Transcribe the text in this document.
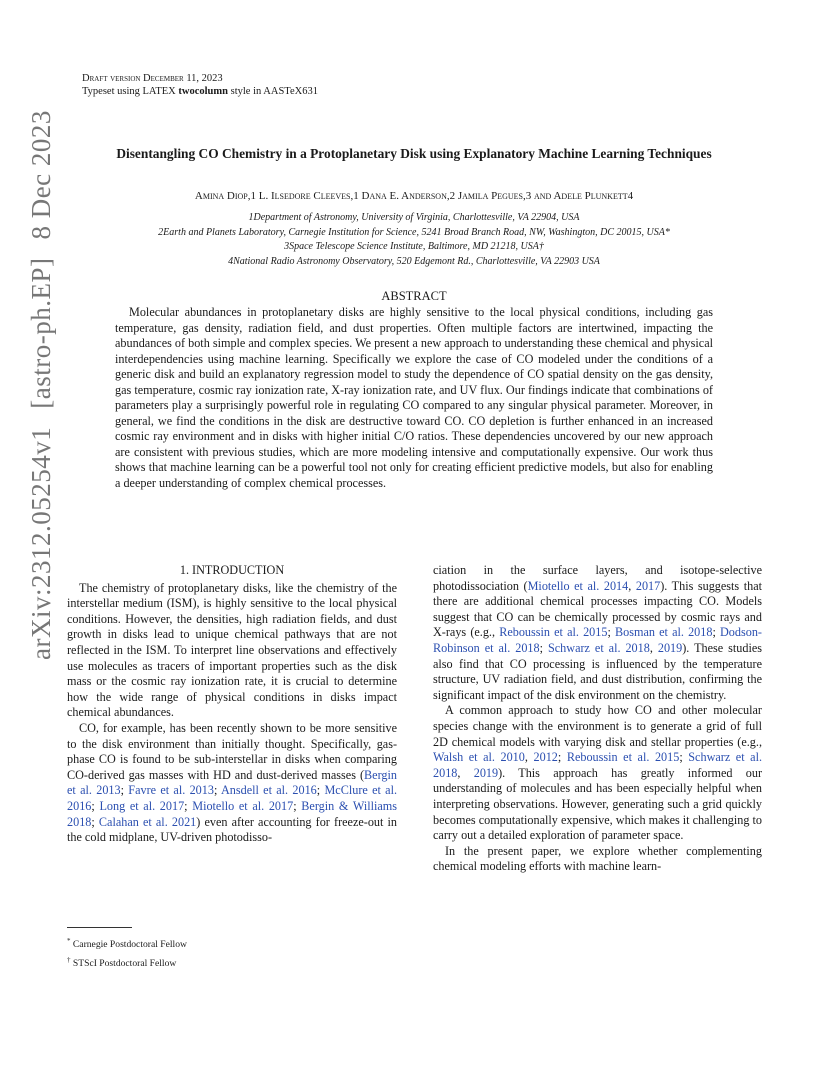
arXiv:2312.05254v1[astro-ph.EP]8 Dec 2023
Draft version December 11, 2023
Typeset using LATEX twocolumn style in AASTeX631
Disentangling CO Chemistry in a Protoplanetary Disk using Explanatory Machine Learning Techniques
Amina Diop,1 L. Ilsedore Cleeves,1 Dana E. Anderson,2 Jamila Pegues,3 and Adele Plunkett4
1Department of Astronomy, University of Virginia, Charlottesville, VA 22904, USA
2Earth and Planets Laboratory, Carnegie Institution for Science, 5241 Broad Branch Road, NW, Washington, DC 20015, USA*
3Space Telescope Science Institute, Baltimore, MD 21218, USA†
4National Radio Astronomy Observatory, 520 Edgemont Rd., Charlottesville, VA 22903 USA
ABSTRACT
Molecular abundances in protoplanetary disks are highly sensitive to the local physical conditions, including gas temperature, gas density, radiation field, and dust properties. Often multiple factors are intertwined, impacting the abundances of both simple and complex species. We present a new approach to understanding these chemical and physical interdependencies using machine learning. Specifically we explore the case of CO modeled under the conditions of a generic disk and build an explanatory regression model to study the dependence of CO spatial density on the gas density, gas temperature, cosmic ray ionization rate, X-ray ionization rate, and UV flux. Our findings indicate that combinations of parameters play a surprisingly powerful role in regulating CO compared to any singular physical parameter. Moreover, in general, we find the conditions in the disk are destructive toward CO. CO depletion is further enhanced in an increased cosmic ray environment and in disks with higher initial C/O ratios. These dependencies uncovered by our new approach are consistent with previous studies, which are more modeling intensive and computationally expensive. Our work thus shows that machine learning can be a powerful tool not only for creating efficient predictive models, but also for enabling a deeper understanding of complex chemical processes.
1. INTRODUCTION

The chemistry of protoplanetary disks, like the chemistry of the interstellar medium (ISM), is highly sensitive to the local physical conditions. However, the densities, high radiation fields, and dust growth in disks lead to unique chemical pathways that are not reflected in the ISM. To interpret line observations and effectively use molecules as tracers of important properties such as the disk mass or the cosmic ray ionization rate, it is crucial to determine how the wide range of physical conditions in disks impact chemical abundances.

CO, for example, has been recently shown to be more sensitive to the disk environment than initially thought. Specifically, gas-phase CO is found to be sub-interstellar in disks when comparing CO-derived gas masses with HD and dust-derived masses (Bergin et al. 2013; Favre et al. 2013; Ansdell et al. 2016; McClure et al. 2016; Long et al. 2017; Miotello et al. 2017; Bergin & Williams 2018; Calahan et al. 2021) even after accounting for freeze-out in the cold midplane, UV-driven photodisso-

ciation in the surface layers, and isotope-selective photodissociation (Miotello et al. 2014, 2017). This suggests that there are additional chemical processes impacting CO. Models suggest that CO can be chemically processed by cosmic rays and X-rays (e.g., Reboussin et al. 2015; Bosman et al. 2018; Dodson-Robinson et al. 2018; Schwarz et al. 2018, 2019). These studies also find that CO processing is influenced by the temperature structure, UV radiation field, and dust distribution, confirming the significant impact of the disk environment on the chemistry.

A common approach to study how CO and other molecular species change with the environment is to generate a grid of full 2D chemical models with varying disk and stellar properties (e.g., Walsh et al. 2010, 2012; Reboussin et al. 2015; Schwarz et al. 2018, 2019). This approach has greatly informed our understanding of molecules and has been especially helpful when interpreting observations. However, generating such a grid quickly becomes computationally expensive, which makes it challenging to carry out a detailed exploration of parameter space.

In the present paper, we explore whether complementing chemical modeling efforts with machine learn-

* Carnegie Postdoctoral Fellow
† STScI Postdoctoral Fellow
